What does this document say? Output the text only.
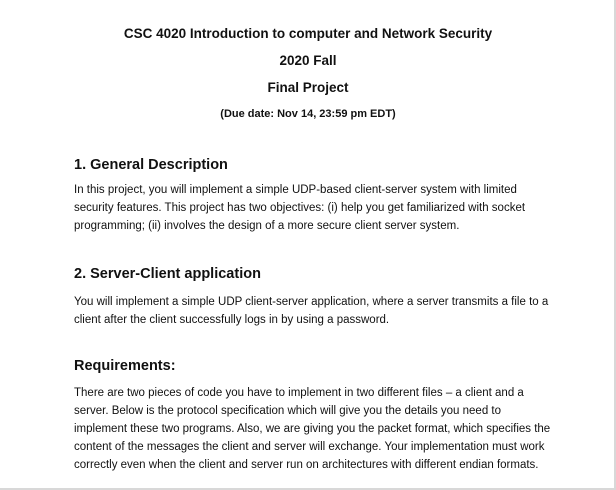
CSC 4020 Introduction to computer and Network Security
2020 Fall
Final Project
(Due date: Nov 14, 23:59 pm EDT)
1. General Description
In this project, you will implement a simple UDP-based client-server system with limited
security features. This project has two objectives: (i) help you get familiarized with socket
programming; (ii) involves the design of a more secure client server system.
2. Server-Client application
You will implement a simple UDP client-server application, where a server transmits a file to a
client after the client successfully logs in by using a password.
Requirements:
There are two pieces of code you have to implement in two different files – a client and a
server. Below is the protocol specification which will give you the details you need to
implement these two programs. Also, we are giving you the packet format, which specifies the
content of the messages the client and server will exchange. Your implementation must work
correctly even when the client and server run on architectures with different endian formats.
